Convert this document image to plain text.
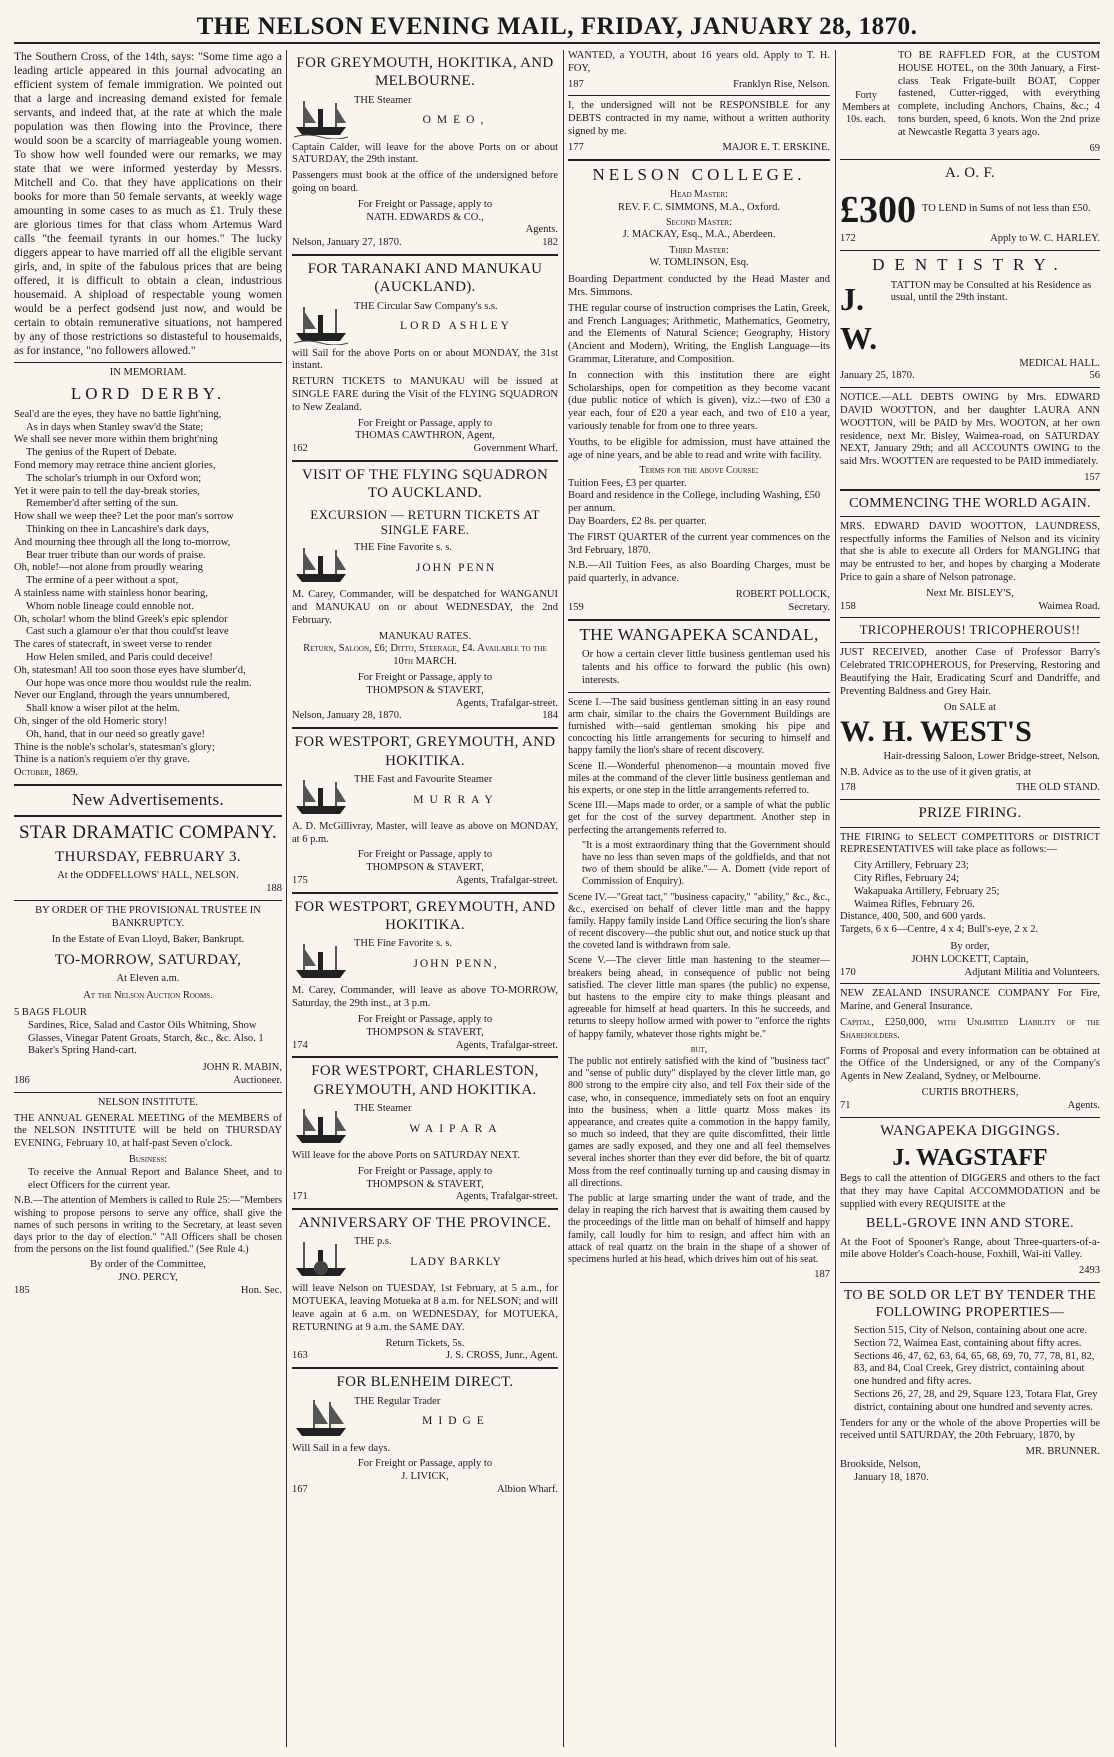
THE NELSON EVENING MAIL, FRIDAY, JANUARY 28, 1870.

The Southern Cross, of the 14th, says: "Some time ago a leading article appeared in this journal advocating an efficient system of female immigration. We pointed out that a large and increasing demand existed for female servants, and indeed that, at the rate at which the male population was then flowing into the Province, there would soon be a scarcity of marriageable young women. To show how well founded were our remarks, we may state that we were informed yesterday by Messrs. Mitchell and Co. that they have applications on their books for more than 50 female servants, at weekly wage amounting in some cases to as much as £1. Truly these are glorious times for that class whom Artemus Ward calls "the feemail tyrants in our homes." The lucky diggers appear to have married off all the eligible servant girls, and, in spite of the fabulous prices that are being offered, it is difficult to obtain a clean, industrious housemaid. A shipload of respectable young women would be a perfect godsend just now, and would be certain to obtain remunerative situations, not hampered by any of those restrictions so distasteful to housemaids, as for instance, "no followers allowed."

IN MEMORIAM.
LORD DERBY.

Seal'd are the eyes, they have no battle light'ning,

As in days when Stanley swav'd the State;

We shall see never more within them bright'ning

The genius of the Rupert of Debate.

Fond memory may retrace thine ancient glories,

The scholar's triumph in our Oxford won;

Yet it were pain to tell the day-break stories,

Remember'd after setting of the sun.

How shall we weep thee? Let the poor man's sorrow

Thinking on thee in Lancashire's dark days,

And mourning thee through all the long to-morrow,

Bear truer tribute than our words of praise.

Oh, noble!—not alone from proudly wearing

The ermine of a peer without a spot,

A stainless name with stainless honor bearing,

Whom noble lineage could ennoble not.

Oh, scholar! whom the blind Greek's epic splendor

Cast such a glamour o'er that thou could'st leave

The cares of statecraft, in sweet verse to render

How Helen smiled, and Paris could deceive!

Oh, statesman! All too soon those eyes have slumber'd,

Our hope was once more thou wouldst rule the realm.

Never our England, through the years unnumbered,

Shall know a wiser pilot at the helm.

Oh, singer of the old Homeric story!

Oh, hand, that in our need so greatly gave!

Thine is the noble's scholar's, statesman's glory;

Thine is a nation's requiem o'er thy grave.

October, 1869.

New Advertisements.
STAR DRAMATIC COMPANY.
THURSDAY, FEBRUARY 3.
At the ODDFELLOWS' HALL, NELSON.
188
BY ORDER OF THE PROVISIONAL TRUSTEE IN BANKRUPTCY.
In the Estate of Evan Lloyd, Baker, Bankrupt.
TO-MORROW, SATURDAY,
At Eleven a.m.
At the Nelson Auction Rooms.
5 BAGS FLOUR
Sardines, Rice, Salad and Castor Oils Whitning, Show Glasses, Vinegar Patent Groats, Starch, &c., &c. Also. 1 Baker's Spring Hand-cart.
JOHN R. MABIN,
186	Auctioneer.
NELSON INSTITUTE.

THE ANNUAL GENERAL MEETING of the MEMBERS of the NELSON INSTITUTE will be held on THURSDAY EVENING, February 10, at half-past Seven o'clock.

Business:

To receive the Annual Report and Balance Sheet, and to elect Officers for the current year.

N.B.—The attention of Members is called to Rule 25:—"Members wishing to propose persons to serve any office, shall give the names of such persons in writing to the Secretary, at least seven days prior to the day of election." "All Officers shall be chosen from the persons on the list found qualified." (See Rule 4.)

By order of the Committee,
JNO. PERCY,
185	Hon. Sec.
FOR GREYMOUTH, HOKITIKA, AND MELBOURNE.
THE Steamer
OMEO,

Captain Calder, will leave for the above Ports on or about SATURDAY, the 29th instant.

Passengers must book at the office of the undersigned before going on board.

For Freight or Passage, apply to
NATH. EDWARDS & CO.,
Agents.
Nelson, January 27, 1870.	182
FOR TARANAKI AND MANUKAU (AUCKLAND).
THE Circular Saw Company's s.s.
LORD ASHLEY

will Sail for the above Ports on or about MONDAY, the 31st instant.

RETURN TICKETS to MANUKAU will be issued at SINGLE FARE during the Visit of the FLYING SQUADRON to New Zealand.

For Freight or Passage, apply to
THOMAS CAWTHRON, Agent,
162	Government Wharf.
VISIT OF THE FLYING SQUADRON TO AUCKLAND.
EXCURSION — RETURN TICKETS AT SINGLE FARE.
THE Fine Favorite s. s.
JOHN PENN

M. Carey, Commander, will be despatched for WANGANUI and MANUKAU on or about WEDNESDAY, the 2nd February.

MANUKAU RATES.
Return, Saloon, £6; Ditto, Steerage, £4. Available to the 10th MARCH.
For Freight or Passage, apply to
THOMPSON & STAVERT,
Agents, Trafalgar-street.
Nelson, January 28, 1870.	184
FOR WESTPORT, GREYMOUTH, AND HOKITIKA.
THE Fast and Favourite Steamer
MURRAY

A. D. McGillivray, Master, will leave as above on MONDAY, at 6 p.m.

For Freight or Passage, apply to
THOMPSON & STAVERT,
175	Agents, Trafalgar-street.
FOR WESTPORT, GREYMOUTH, AND HOKITIKA.
THE Fine Favorite s. s.
JOHN PENN,

M. Carey, Commander, will leave as above TO-MORROW, Saturday, the 29th inst., at 3 p.m.

For Freight or Passage, apply to
THOMPSON & STAVERT,
174	Agents, Trafalgar-street.
FOR WESTPORT, CHARLESTON, GREYMOUTH, AND HOKITIKA.
THE Steamer
WAIPARA

Will leave for the above Ports on SATURDAY NEXT.

For Freight or Passage, apply to
THOMPSON & STAVERT,
171	Agents, Trafalgar-street.
ANNIVERSARY OF THE PROVINCE.
THE p.s.
LADY BARKLY

will leave Nelson on TUESDAY, 1st February, at 5 a.m., for MOTUEKA, leaving Motueka at 8 a.m. for NELSON; and will leave again at 6 a.m. on WEDNESDAY, for MOTUEKA, RETURNING at 9 a.m. the SAME DAY.

Return Tickets, 5s.
163	J. S. CROSS, Junr., Agent.
FOR BLENHEIM DIRECT.
THE Regular Trader
MIDGE

Will Sail in a few days.

For Freight or Passage, apply to
J. LIVICK,
167	Albion Wharf.

WANTED, a YOUTH, about 16 years old. Apply to T. H. FOY,

187	Franklyn Rise, Nelson.

I, the undersigned will not be RESPONSIBLE for any DEBTS contracted in my name, without a written authority signed by me.

177	MAJOR E. T. ERSKINE.
NELSON COLLEGE.
Head Master:
REV. F. C. SIMMONS, M.A., Oxford.
Second Master:
J. MACKAY, Esq., M.A., Aberdeen.
Third Master:
W. TOMLINSON, Esq.

Boarding Department conducted by the Head Master and Mrs. Simmons.

THE regular course of instruction comprises the Latin, Greek, and French Languages; Arithmetic, Mathematics, Geometry, and the Elements of Natural Science; Geography, History (Ancient and Modern), Writing, the English Language—its Grammar, Literature, and Composition.

In connection with this institution there are eight Scholarships, open for competition as they become vacant (due public notice of which is given), viz.:—two of £30 a year each, four of £20 a year each, and two of £10 a year, variously tenable for from one to three years.

Youths, to be eligible for admission, must have attained the age of nine years, and be able to read and write with facility.

Terms for the above Course:
Tuition Fees, £3 per quarter.
Board and residence in the College, including Washing, £50 per annum.
Day Boarders, £2 8s. per quarter.

The FIRST QUARTER of the current year commences on the 3rd February, 1870.

N.B.—All Tuition Fees, as also Boarding Charges, must be paid quarterly, in advance.

ROBERT POLLOCK,
159	Secretary.
THE WANGAPEKA SCANDAL,

Or how a certain clever little business gentleman used his talents and his office to forward the public (his own) interests.

Scene I.—The said business gentleman sitting in an easy round arm chair, similar to the chairs the Government Buildings are furnished with—said gentleman smoking his pipe and concocting his little arrangements for securing to himself and happy family the lion's share of recent discovery.

Scene II.—Wonderful phenomenon—a mountain moved five miles at the command of the clever little business gentleman and his experts, or one step in the little arrangements referred to.

Scene III.—Maps made to order, or a sample of what the public get for the cost of the survey department. Another step in perfecting the arrangements referred to.

"It is a most extraordinary thing that the Government should have no less than seven maps of the goldfields, and that not two of them should be alike."— A. Domett (vide report of Commission of Enquiry).

Scene IV.—"Great tact," "business capacity," "ability," &c., &c., &c., exercised on behalf of clever little man and the happy family. Happy family inside Land Office securing the lion's share of recent discovery—the public shut out, and notice stuck up that the coveted land is withdrawn from sale.

Scene V.—The clever little man hastening to the steamer—breakers being ahead, in consequence of public not being satisfied. The clever little man spares (the public) no expense, but hastens to the empire city to make things pleasant and agreeable for himself at head quarters. In this he succeeds, and returns to sleepy hollow armed with power to "enforce the rights of happy family, whatever those rights might be."

but,

The public not entirely satisfied with the kind of "business tact" and "sense of public duty" displayed by the clever little man, go 800 strong to the empire city also, and tell Fox their side of the case, who, in consequence, immediately sets on foot an enquiry into the business, when a little quartz Moss makes its appearance, and creates quite a commotion in the happy family, so much so indeed, that they are quite discomfitted, their little games are sadly exposed, and they one and all feel themselves several inches shorter than they ever did before, the bit of quartz Moss from the reef continually turning up and causing dismay in all directions.

The public at large smarting under the want of trade, and the delay in reaping the rich harvest that is awaiting them caused by the proceedings of the little man on behalf of himself and happy family, call loudly for him to resign, and affect him with an attack of real quartz on the brain in the shape of a shower of specimens hurled at his head, which drives him out of his seat.

187
Forty Members at 10s. each.

TO BE RAFFLED FOR, at the CUSTOM HOUSE HOTEL, on the 30th January, a First-class Teak Frigate-built BOAT, Copper fastened, Cutter-rigged, with everything complete, including Anchors, Chains, &c.; 4 tons burden, speed, 6 knots. Won the 2nd prize at Newcastle Regatta 3 years ago.

69
A. O. F.
£300 TO LEND in Sums of not less than £50.
172	Apply to W. C. HARLEY.
DENTISTRY.
J. W.
TATTON may be Consulted at his Residence as usual, until the 29th instant.
MEDICAL HALL.
January 25, 1870.	56

NOTICE.—ALL DEBTS OWING by Mrs. EDWARD DAVID WOOTTON, and her daughter LAURA ANN WOOTTON, will be PAID by Mrs. WOOTON, at her own residence, next Mr. Bisley, Waimea-road, on SATURDAY NEXT, January 29th; and all ACCOUNTS OWING to the said Mrs. WOOTTEN are requested to be PAID immediately.

157
COMMENCING THE WORLD AGAIN.

MRS. EDWARD DAVID WOOTTON, LAUNDRESS, respectfully informs the Families of Nelson and its vicinity that she is able to execute all Orders for MANGLING that may be entrusted to her, and hopes by charging a Moderate Price to gain a share of Nelson patronage.

Next Mr. BISLEY'S,
158	Waimea Road.
TRICOPHEROUS! TRICOPHEROUS!!

JUST RECEIVED, another Case of Professor Barry's Celebrated TRICOPHEROUS, for Preserving, Restoring and Beautifying the Hair, Eradicating Scurf and Dandriffe, and Preventing Baldness and Grey Hair.

On SALE at
W. H. WEST'S
Hair-dressing Saloon, Lower Bridge-street, Nelson.

N.B. Advice as to the use of it given gratis, at

178	THE OLD STAND.
PRIZE FIRING.

THE FIRING to SELECT COMPETITORS or DISTRICT REPRESENTATIVES will take place as follows:—

City Artillery, February 23;
City Rifles, February 24;
Wakapuaka Artillery, February 25;
Waimea Rifles, February 26.
Distance, 400, 500, and 600 yards.
Targets, 6 x 6—Centre, 4 x 4; Bull's-eye, 2 x 2.
By order,
JOHN LOCKETT, Captain,
170	Adjutant Militia and Volunteers.

NEW ZEALAND INSURANCE COMPANY For Fire, Marine, and General Insurance.

Capital, £250,000, with Unlimited Liability of the Shareholders.

Forms of Proposal and every information can be obtained at the Office of the Undersigned, or any of the Company's Agents in New Zealand, Sydney, or Melbourne.

CURTIS BROTHERS,
71	Agents.
WANGAPEKA DIGGINGS.
J. WAGSTAFF

Begs to call the attention of DIGGERS and others to the fact that they may have Capital ACCOMMODATION and be supplied with every REQUISITE at the

BELL-GROVE INN AND STORE.

At the Foot of Spooner's Range, about Three-quarters-of-a-mile above Holder's Coach-house, Foxhill, Wai-iti Valley.

2493
TO BE SOLD OR LET BY TENDER THE FOLLOWING PROPERTIES—
Section 515, City of Nelson, containing about one acre.
Section 72, Waimea East, containing about fifty acres.
Sections 46, 47, 62, 63, 64, 65, 68, 69, 70, 77, 78, 81, 82, 83, and 84, Coal Creek, Grey district, containing about one hundred and fifty acres.
Sections 26, 27, 28, and 29, Square 123, Totara Flat, Grey district, containing about one hundred and seventy acres.

Tenders for any or the whole of the above Properties will be received until SATURDAY, the 20th February, 1870, by

MR. BRUNNER.
Brookside, Nelson,
January 18, 1870.
